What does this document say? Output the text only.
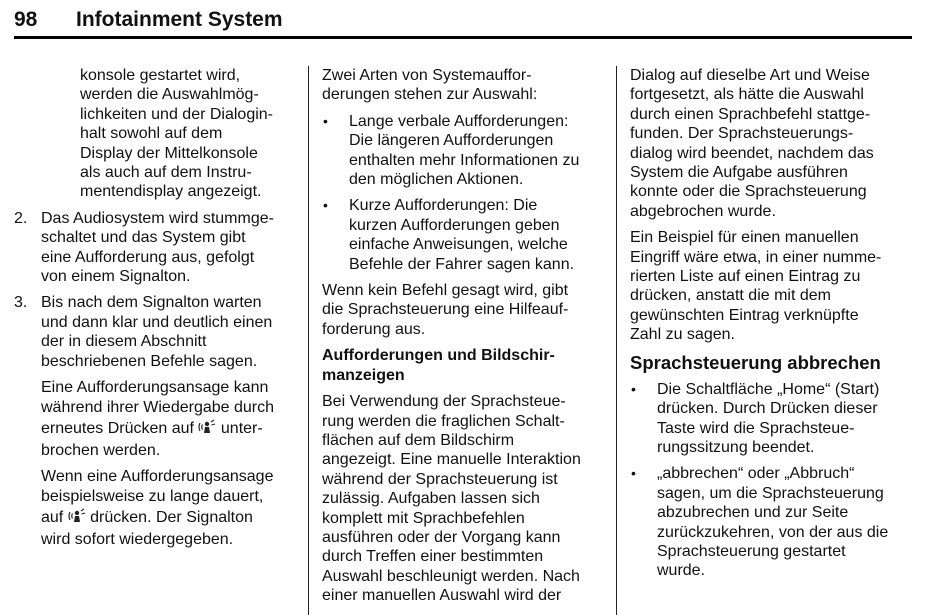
98 Infotainment System
konsole gestartet wird,
werden die Auswahlmög-
lichkeiten und der Dialogin-
halt sowohl auf dem
Display der Mittelkonsole
als auch auf dem Instru-
mentendisplay angezeigt.
2. Das Audiosystem wird stummge-
schaltet und das System gibt
eine Aufforderung aus, gefolgt
von einem Signalton.
3. Bis nach dem Signalton warten
und dann klar und deutlich einen
der in diesem Abschnitt
beschriebenen Befehle sagen.
Eine Aufforderungsansage kann
während ihrer Wiedergabe durch
erneutes Drücken auf unter-
brochen werden.
Wenn eine Aufforderungsansage
beispielsweise zu lange dauert,
auf drücken. Der Signalton
wird sofort wiedergegeben.
Zwei Arten von Systemauffor-
derungen stehen zur Auswahl:
• Lange verbale Aufforderungen:
Die längeren Aufforderungen
enthalten mehr Informationen zu
den möglichen Aktionen.
• Kurze Aufforderungen: Die
kurzen Aufforderungen geben
einfache Anweisungen, welche
Befehle der Fahrer sagen kann.
Wenn kein Befehl gesagt wird, gibt
die Sprachsteuerung eine Hilfeauf-
forderung aus.
Aufforderungen und Bildschir-
manzeigen
Bei Verwendung der Sprachsteue-
rung werden die fraglichen Schalt-
flächen auf dem Bildschirm
angezeigt. Eine manuelle Interaktion
während der Sprachsteuerung ist
zulässig. Aufgaben lassen sich
komplett mit Sprachbefehlen
ausführen oder der Vorgang kann
durch Treffen einer bestimmten
Auswahl beschleunigt werden. Nach
einer manuellen Auswahl wird der
Dialog auf dieselbe Art und Weise
fortgesetzt, als hätte die Auswahl
durch einen Sprachbefehl stattge-
funden. Der Sprachsteuerungs-
dialog wird beendet, nachdem das
System die Aufgabe ausführen
konnte oder die Sprachsteuerung
abgebrochen wurde.
Ein Beispiel für einen manuellen
Eingriff wäre etwa, in einer numme-
rierten Liste auf einen Eintrag zu
drücken, anstatt die mit dem
gewünschten Eintrag verknüpfte
Zahl zu sagen.
Sprachsteuerung abbrechen
• Die Schaltfläche „Home“ (Start)
drücken. Durch Drücken dieser
Taste wird die Sprachsteue-
rungssitzung beendet.
• „abbrechen“ oder „Abbruch“
sagen, um die Sprachsteuerung
abzubrechen und zur Seite
zurückzukehren, von der aus die
Sprachsteuerung gestartet
wurde.
